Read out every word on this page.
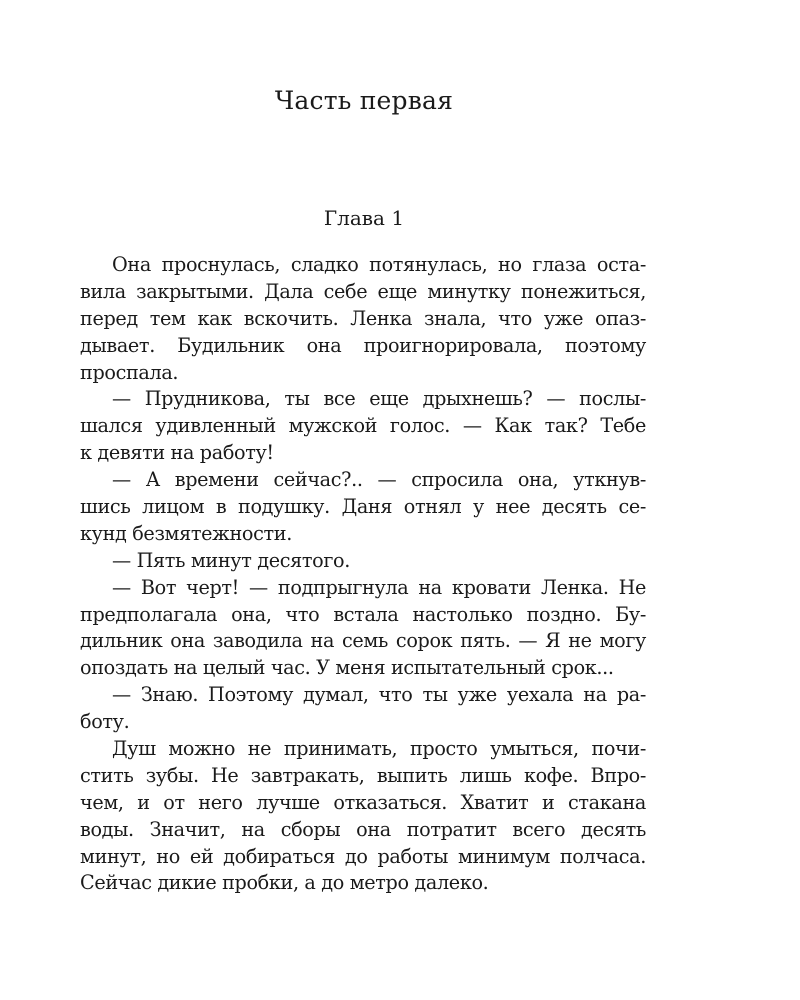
Часть первая
Глава 1
Она проснулась, сладко потянулась, но глаза оста-
вила закрытыми. Дала себе еще минутку понежиться,
перед тем как вскочить. Ленка знала, что уже опаз-
дывает. Будильник она проигнорировала, поэтому
проспала.
— Прудникова, ты все еще дрыхнешь? — послы-
шался удивленный мужской голос. — Как так? Тебе
к девяти на работу!
— А времени сейчас?.. — спросила она, уткнув-
шись лицом в подушку. Даня отнял у нее десять се-
кунд безмятежности.
— Пять минут десятого.
— Вот черт! — подпрыгнула на кровати Ленка. Не
предполагала она, что встала настолько поздно. Бу-
дильник она заводила на семь сорок пять. — Я не могу
опоздать на целый час. У меня испытательный срок...
— Знаю. Поэтому думал, что ты уже уехала на ра-
боту.
Душ можно не принимать, просто умыться, почи-
стить зубы. Не завтракать, выпить лишь кофе. Впро-
чем, и от него лучше отказаться. Хватит и стакана
воды. Значит, на сборы она потратит всего десять
минут, но ей добираться до работы минимум полчаса.
Сейчас дикие пробки, а до метро далеко.
